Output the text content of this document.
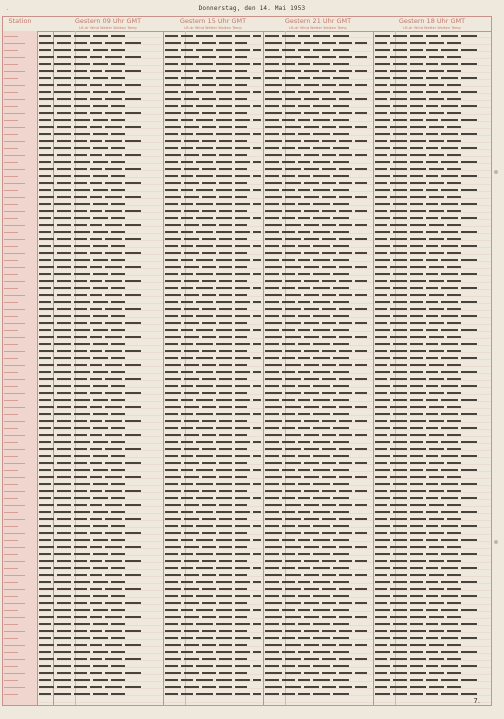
¸	Donnerstag, den 14. Mai 1953
Station	Gestern 09 Uhr GMT
Lft-dr Wind Wetter Wolken Temp
Gestern 15 Uhr GMT
Lft-dr Wind Wetter Wolken Temp
Gestern 21 Uhr GMT
Lft-dr Wind Wetter Wolken Temp
Gestern 18 Uhr GMT
Lft-dr Wind Wetter Wolken Temp
7.
